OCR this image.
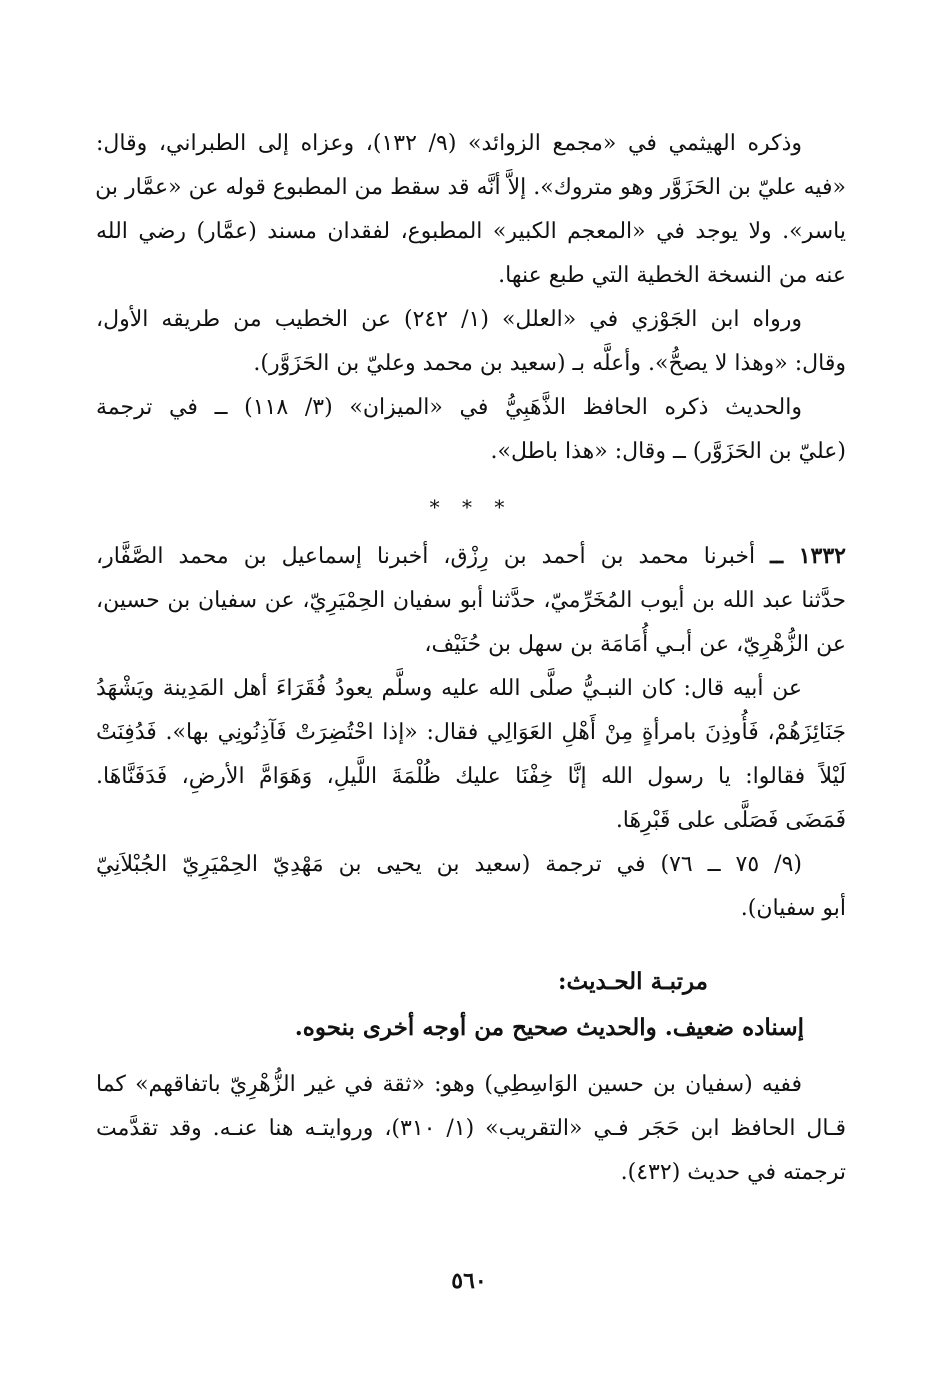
وذكره الهيثمي في «مجمع الزوائد» (٩/ ١٣٢)، وعزاه إلى الطبراني، وقال:
«فيه عليّ بن الحَزَوَّر وهو متروك». إلاَّ أنَّه قد سقط من المطبوع قوله عن «عمَّار بن
ياسر». ولا يوجد في «المعجم الكبير» المطبوع، لفقدان مسند (عمَّار) رضي الله
عنه من النسخة الخطية التي طبع عنها.

ورواه ابن الجَوْزي في «العلل» (١/ ٢٤٢) عن الخطيب من طريقه الأول،
وقال: «وهذا لا يصحُّ». وأعلَّه بـ (سعيد بن محمد وعليّ بن الحَزَوَّر).

والحديث ذكره الحافظ الذَّهَبِيُّ في «الميزان» (٣/ ١١٨) ــ في ترجمة
(عليّ بن الحَزَوَّر) ــ وقال: «هذا باطل».

* * *

١٣٣٢ ــ أخبرنا محمد بن أحمد بن رِزْق، أخبرنا إسماعيل بن محمد الصَّفَّار،
حدَّثنا عبد الله بن أيوب المُخَرِّميّ، حدَّثنا أبو سفيان الحِمْيَرِيّ، عن سفيان بن حسين،
عن الزُّهْرِيّ، عن أبـي أُمَامَة بن سهل بن حُنَيْف،

عن أبيه قال: كان النبـيُّ صلَّى الله عليه وسلَّم يعودُ فُقَرَاءَ أهل المَدِينة ويَشْهَدُ
جَنَائِزَهُمْ، فَأُوذِنَ بامرأةٍ مِنْ أَهْلِ العَوَالِي فقال: «إذا احْتُضِرَتْ فَآذِنُونِي بها». فَدُفِنَتْ
لَيْلاً فقالوا: يا رسول الله إنَّا خِفْنَا عليك ظُلْمَةَ اللَّيلِ، وَهَوَامَّ الأرضِ، فَدَفَنَّاهَا.
فَمَضَى فَصَلَّى على قَبْرِهَا.

(٩/ ٧٥ ــ ٧٦) في ترجمة (سعيد بن يحيى بن مَهْدِيّ الحِمْيَرِيّ الجُبْلاَنِيّ
أبو سفيان).

مرتبـة الحـديث:

إسناده ضعيف. والحديث صحيح من أوجه أخرى بنحوه.

ففيه (سفيان بن حسين الوَاسِطِي) وهو: «ثقة في غير الزُّهْرِيّ باتفاقهم» كما
قـال الحافظ ابن حَجَر فـي «التقريب» (١/ ٣١٠)، وروايتـه هنا عنـه. وقد تقدَّمت
ترجمته في حديث (٤٣٢).

٥٦٠
